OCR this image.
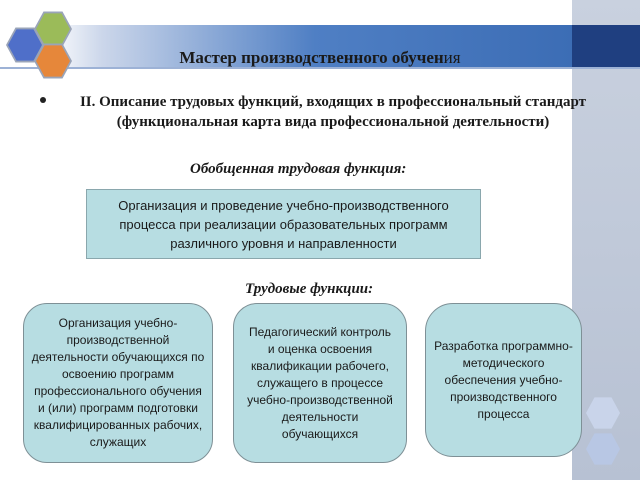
Мастер производственного обучения
II. Описание трудовых функций, входящих в профессиональный стандарт (функциональная карта вида профессиональной деятельности)
Обобщенная трудовая функция:
Организация и проведение учебно-производственного процесса при реализации образовательных программ различного уровня и направленности
Трудовые функции:
Организация учебно-производственной деятельности обучающихся по освоению программ профессионального обучения и (или) программ подготовки квалифицированных рабочих, служащих
Педагогический контроль и оценка освоения квалификации рабочего, служащего в процессе учебно-производственной деятельности обучающихся
Разработка программно-методического обеспечения учебно-производственного процесса
